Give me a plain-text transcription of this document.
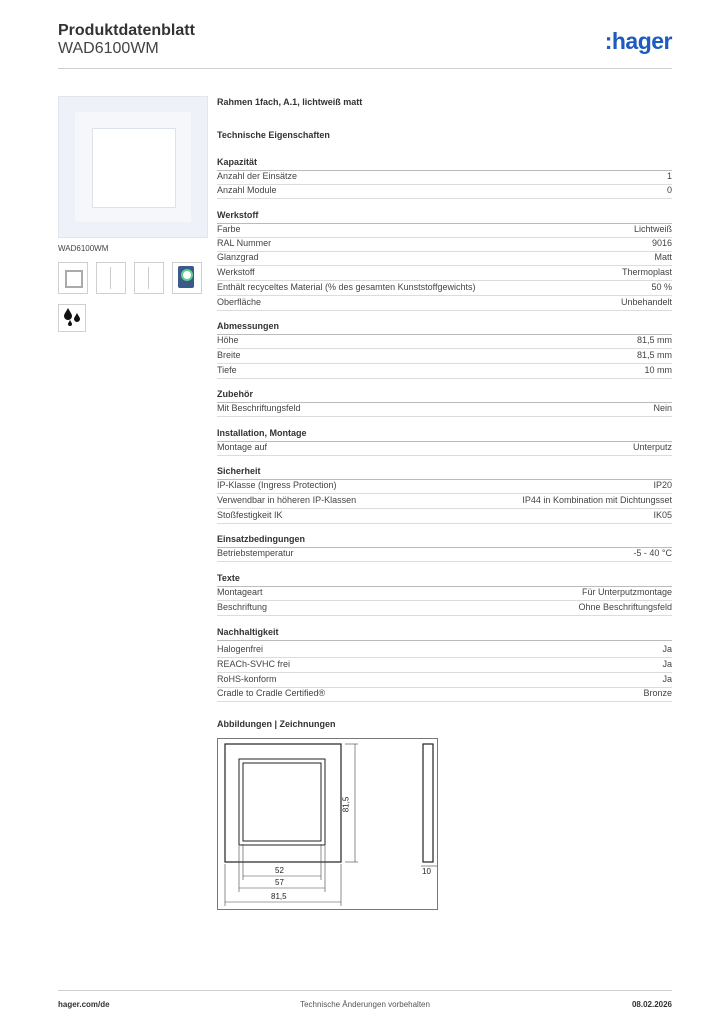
Produktdatenblatt
WAD6100WM	:hager
WAD6100WM
Rahmen 1fach, A.1, lichtweiß matt
Technische Eigenschaften
Kapazität
Anzahl der Einsätze	1
Anzahl Module	0
Werkstoff
Farbe	Lichtweiß
RAL Nummer	9016
Glanzgrad	Matt
Werkstoff	Thermoplast
Enthält recyceltes Material (% des gesamten Kunststoffgewichts)	50 %
Oberfläche	Unbehandelt
Abmessungen
Höhe	81,5 mm
Breite	81,5 mm
Tiefe	10 mm
Zubehör
Mit Beschriftungsfeld	Nein
Installation, Montage
Montage auf	Unterputz
Sicherheit
IP-Klasse (Ingress Protection)	IP20
Verwendbar in höheren IP-Klassen	IP44 in Kombination mit Dichtungsset
Stoßfestigkeit IK	IK05
Einsatzbedingungen
Betriebstemperatur	-5 - 40 °C
Texte
Montageart	Für Unterputzmontage
Beschriftung	Ohne Beschriftungsfeld
Nachhaltigkeit
Halogenfrei	Ja
REACh-SVHC frei	Ja
RoHS-konform	Ja
Cradle to Cradle Certified®	Bronze
Abbildungen | Zeichnungen
81,5
10
52
57
81,5
hager.com/de	Technische Änderungen vorbehalten	08.02.2026
